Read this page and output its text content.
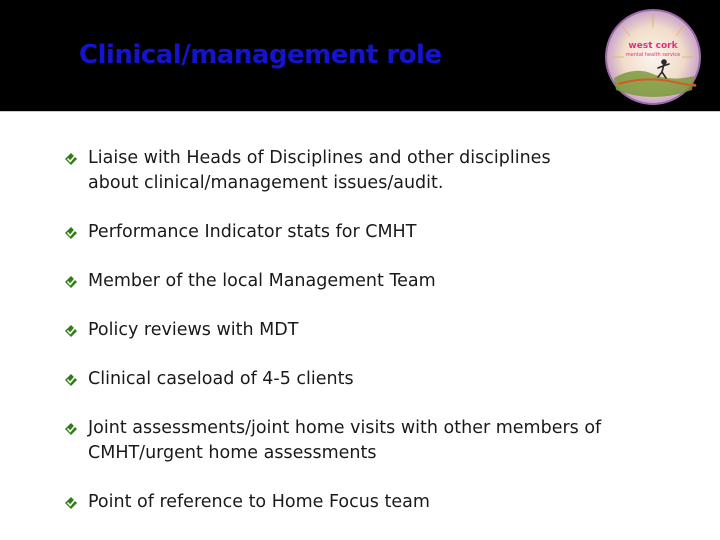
Clinical/management role	west cork
mental health service
Liaise with Heads of Disciplines and other disciplines
about clinical/management issues/audit.
Performance Indicator stats for CMHT
Member of the local Management Team
Policy reviews with MDT
Clinical caseload of 4-5 clients
Joint assessments/joint home visits with other members of
CMHT/urgent home assessments
Point of reference to Home Focus team
